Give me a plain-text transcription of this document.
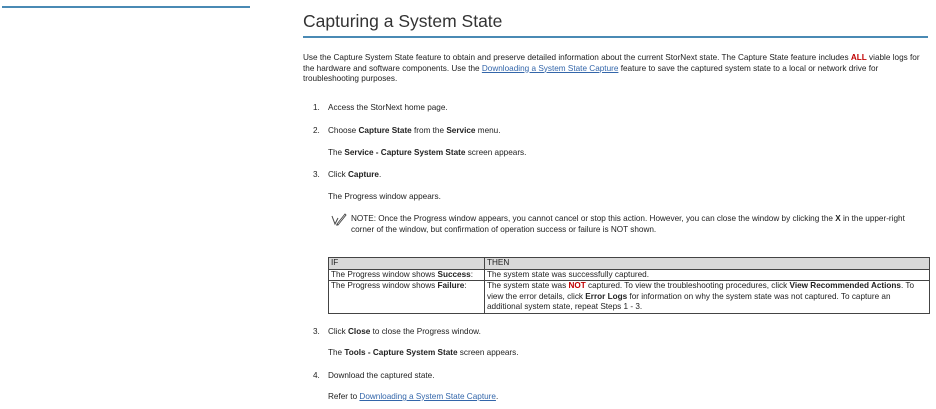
Capturing a System State

Use the Capture System State feature to obtain and preserve detailed information about the current StorNext state. The Capture State feature includes ALL viable logs for the hardware and software components. Use the Downloading a System State Capture feature to save the captured system state to a local or network drive for troubleshooting purposes.

1. Access the StorNext home page.

2. Choose Capture State from the Service menu.

The Service - Capture System State screen appears.

3. Click Capture.

The Progress window appears.

NOTE: Once the Progress window appears, you cannot cancel or stop this action. However, you can close the window by clicking the X in the upper-right corner of the window, but confirmation of operation success or failure is NOT shown.
IF	THEN
The Progress window shows Success:	The system state was successfully captured.
The Progress window shows Failure:	The system state was NOT captured. To view the troubleshooting procedures, click View Recommended Actions. To view the error details, click Error Logs for information on why the system state was not captured. To capture an additional system state, repeat Steps 1 - 3.
3. Click Close to close the Progress window.

The Tools - Capture System State screen appears.

4. Download the captured state.

Refer to Downloading a System State Capture.
